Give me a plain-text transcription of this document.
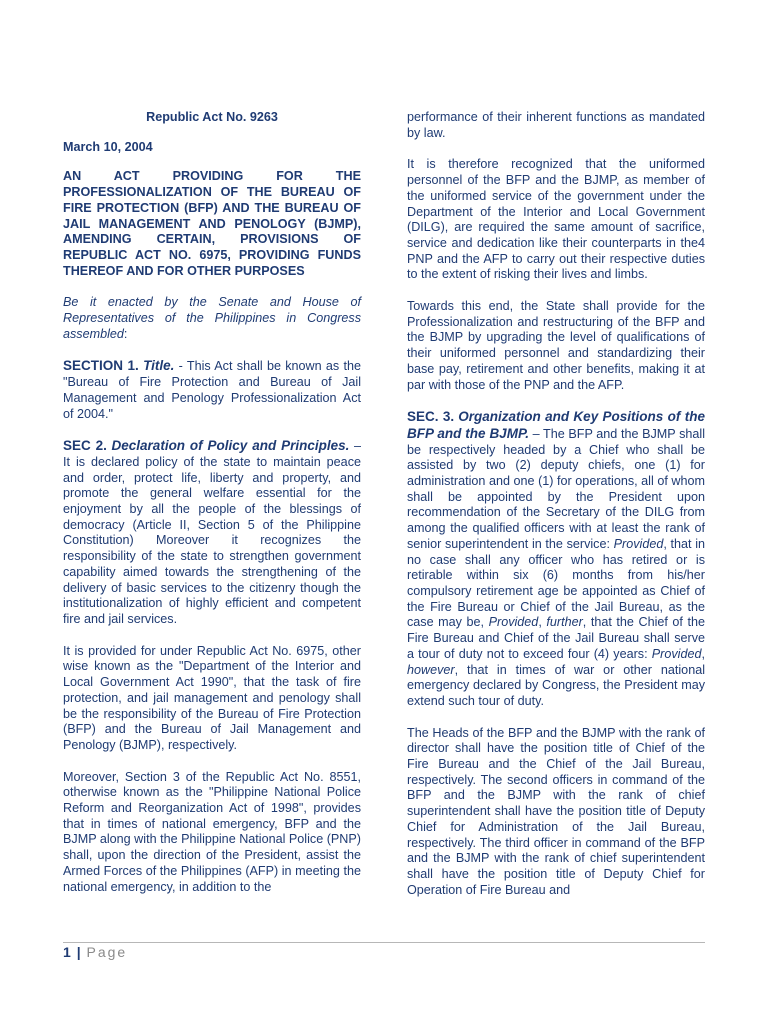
Republic Act No. 9263

March 10, 2004

AN ACT PROVIDING FOR THE PROFESSIONALIZATION OF THE BUREAU OF FIRE PROTECTION (BFP) AND THE BUREAU OF JAIL MANAGEMENT AND PENOLOGY (BJMP), AMENDING CERTAIN, PROVISIONS OF REPUBLIC ACT NO. 6975, PROVIDING FUNDS THEREOF AND FOR OTHER PURPOSES

Be it enacted by the Senate and House of Representatives of the Philippines in Congress assembled:

SECTION 1. Title. - This Act shall be known as the "Bureau of Fire Protection and Bureau of Jail Management and Penology Professionalization Act of 2004."

SEC 2. Declaration of Policy and Principles. – It is declared policy of the state to maintain peace and order, protect life, liberty and property, and promote the general welfare essential for the enjoyment by all the people of the blessings of democracy (Article II, Section 5 of the Philippine Constitution) Moreover it recognizes the responsibility of the state to strengthen government capability aimed towards the strengthening of the delivery of basic services to the citizenry though the institutionalization of highly efficient and competent fire and jail services.

It is provided for under Republic Act No. 6975, other wise known as the "Department of the Interior and Local Government Act 1990", that the task of fire protection, and jail management and penology shall be the responsibility of the Bureau of Fire Protection (BFP) and the Bureau of Jail Management and Penology (BJMP), respectively.

Moreover, Section 3 of the Republic Act No. 8551, otherwise known as the "Philippine National Police Reform and Reorganization Act of 1998", provides that in times of national emergency, BFP and the BJMP along with the Philippine National Police (PNP) shall, upon the direction of the President, assist the Armed Forces of the Philippines (AFP) in meeting the national emergency, in addition to the

performance of their inherent functions as mandated by law.

It is therefore recognized that the uniformed personnel of the BFP and the BJMP, as member of the uniformed service of the government under the Department of the Interior and Local Government (DILG), are required the same amount of sacrifice, service and dedication like their counterparts in the4 PNP and the AFP to carry out their respective duties to the extent of risking their lives and limbs.

Towards this end, the State shall provide for the Professionalization and restructuring of the BFP and the BJMP by upgrading the level of qualifications of their uniformed personnel and standardizing their base pay, retirement and other benefits, making it at par with those of the PNP and the AFP.

SEC. 3. Organization and Key Positions of the BFP and the BJMP. – The BFP and the BJMP shall be respectively headed by a Chief who shall be assisted by two (2) deputy chiefs, one (1) for administration and one (1) for operations, all of whom shall be appointed by the President upon recommendation of the Secretary of the DILG from among the qualified officers with at least the rank of senior superintendent in the service: Provided, that in no case shall any officer who has retired or is retirable within six (6) months from his/her compulsory retirement age be appointed as Chief of the Fire Bureau or Chief of the Jail Bureau, as the case may be, Provided, further, that the Chief of the Fire Bureau and Chief of the Jail Bureau shall serve a tour of duty not to exceed four (4) years: Provided, however, that in times of war or other national emergency declared by Congress, the President may extend such tour of duty.

The Heads of the BFP and the BJMP with the rank of director shall have the position title of Chief of the Fire Bureau and the Chief of the Jail Bureau, respectively. The second officers in command of the BFP and the BJMP with the rank of chief superintendent shall have the position title of Deputy Chief for Administration of the Jail Bureau, respectively. The third officer in command of the BFP and the BJMP with the rank of chief superintendent shall have the position title of Deputy Chief for Operation of Fire Bureau and

1 | Page
